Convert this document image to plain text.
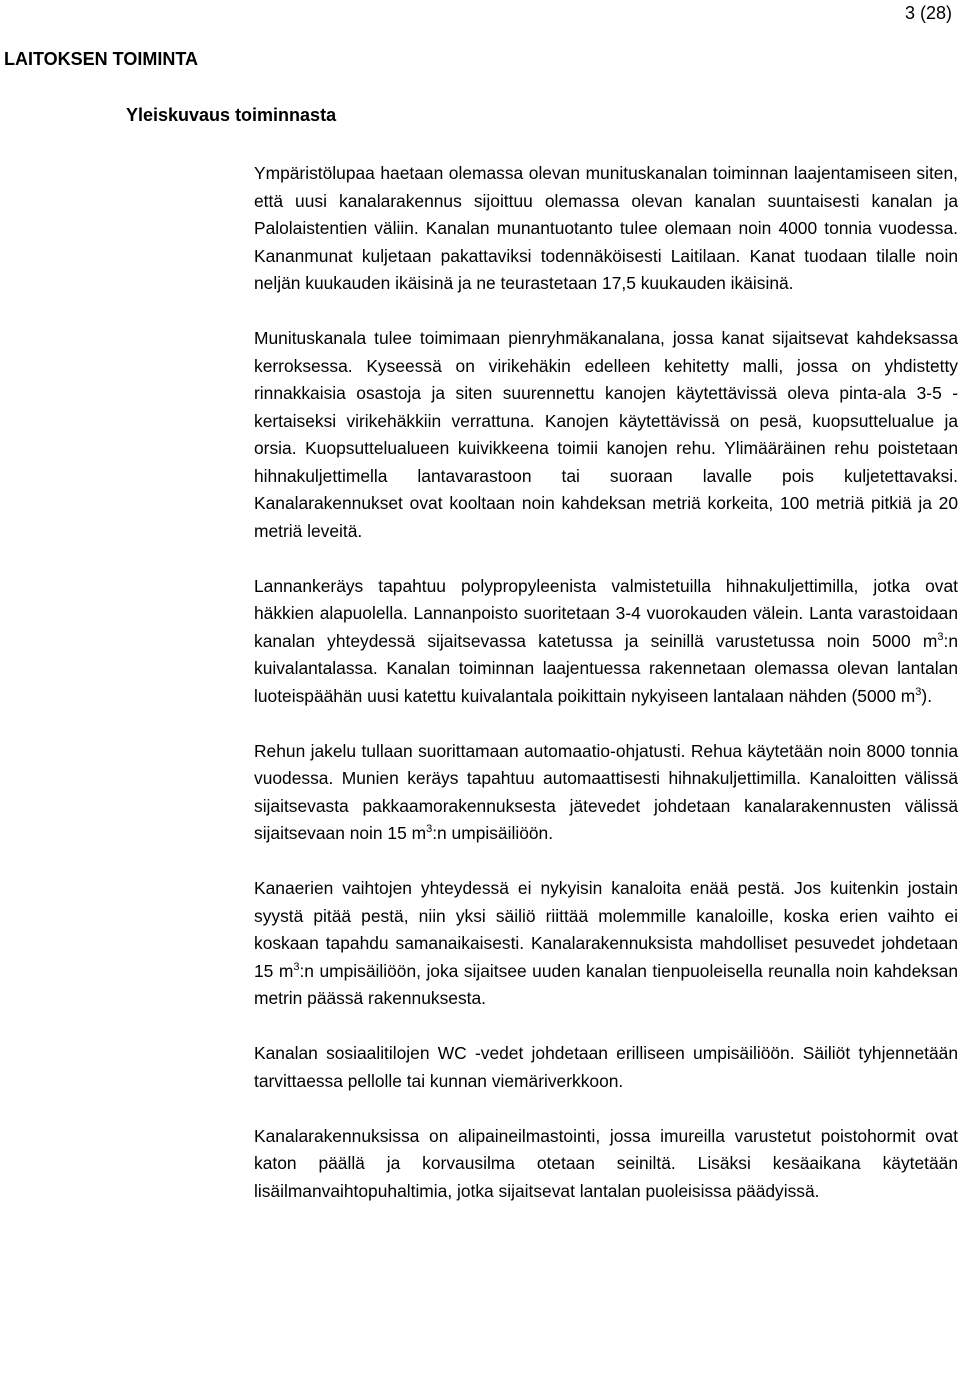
3 (28)
LAITOKSEN TOIMINTA
Yleiskuvaus toiminnasta

Ympäristölupaa haetaan olemassa olevan munituskanalan toiminnan laajentamiseen siten, että uusi kanalarakennus sijoittuu olemassa olevan kanalan suuntaisesti kanalan ja Palolaistentien väliin. Kanalan munantuotanto tulee olemaan noin 4000 tonnia vuodessa. Kananmunat kuljetaan pakattaviksi todennäköisesti Laitilaan. Kanat tuodaan tilalle noin neljän kuukauden ikäisinä ja ne teurastetaan 17,5 kuukauden ikäisinä.

Munituskanala tulee toimimaan pienryhmäkanalana, jossa kanat sijaitsevat kahdeksassa kerroksessa. Kyseessä on virikehäkin edelleen kehitetty malli, jossa on yhdistetty rinnakkaisia osastoja ja siten suurennettu kanojen käytettävissä oleva pinta-ala 3-5 -kertaiseksi virikehäkkiin verrattuna. Kanojen käytettävissä on pesä, kuopsuttelualue ja orsia. Kuopsuttelualueen kuivikkeena toimii kanojen rehu. Ylimääräinen rehu poistetaan hihnakuljettimella lantavarastoon tai suoraan lavalle pois kuljetettavaksi. Kanalarakennukset ovat kooltaan noin kahdeksan metriä korkeita, 100 metriä pitkiä ja 20 metriä leveitä.

Lannankeräys tapahtuu polypropyleenista valmistetuilla hihnakuljettimilla, jotka ovat häkkien alapuolella. Lannanpoisto suoritetaan 3-4 vuorokauden välein. Lanta varastoidaan kanalan yhteydessä sijaitsevassa katetussa ja seinillä varustetussa noin 5000 $m^3:n$ kuivalantalassa. Kanalan toiminnan laajentuessa rakennetaan olemassa olevan lantalan luoteispäähän uusi katettu kuivalantala poikittain nykyiseen lantalaan nähden (5000 $m^3$).

Rehun jakelu tullaan suorittamaan automaatio-ohjatusti. Rehua käytetään noin 8000 tonnia vuodessa. Munien keräys tapahtuu automaattisesti hihnakuljettimilla. Kanaloitten välissä sijaitsevasta pakkaamorakennuksesta jätevedet johdetaan kanalarakennusten välissä sijaitsevaan noin 15 $m^3:n$ umpisäiliöön.

Kanaerien vaihtojen yhteydessä ei nykyisin kanaloita enää pestä. Jos kuitenkin jostain syystä pitää pestä, niin yksi säiliö riittää molemmille kanaloille, koska erien vaihto ei koskaan tapahdu samanaikaisesti. Kanalarakennuksista mahdolliset pesuvedet johdetaan 15 $m^3:n$ umpisäiliöön, joka sijaitsee uuden kanalan tienpuoleisella reunalla noin kahdeksan metrin päässä rakennuksesta.

Kanalan sosiaalitilojen WC -vedet johdetaan erilliseen umpisäiliöön. Säiliöt tyhjennetään tarvittaessa pellolle tai kunnan viemäriverkkoon.

Kanalarakennuksissa on alipaineilmastointi, jossa imureilla varustetut poistohormit ovat katon päällä ja korvausilma otetaan seiniltä. Lisäksi kesäaikana käytetään lisäilmanvaihtopuhaltimia, jotka sijaitsevat lantalan puoleisissa päädyissä.
